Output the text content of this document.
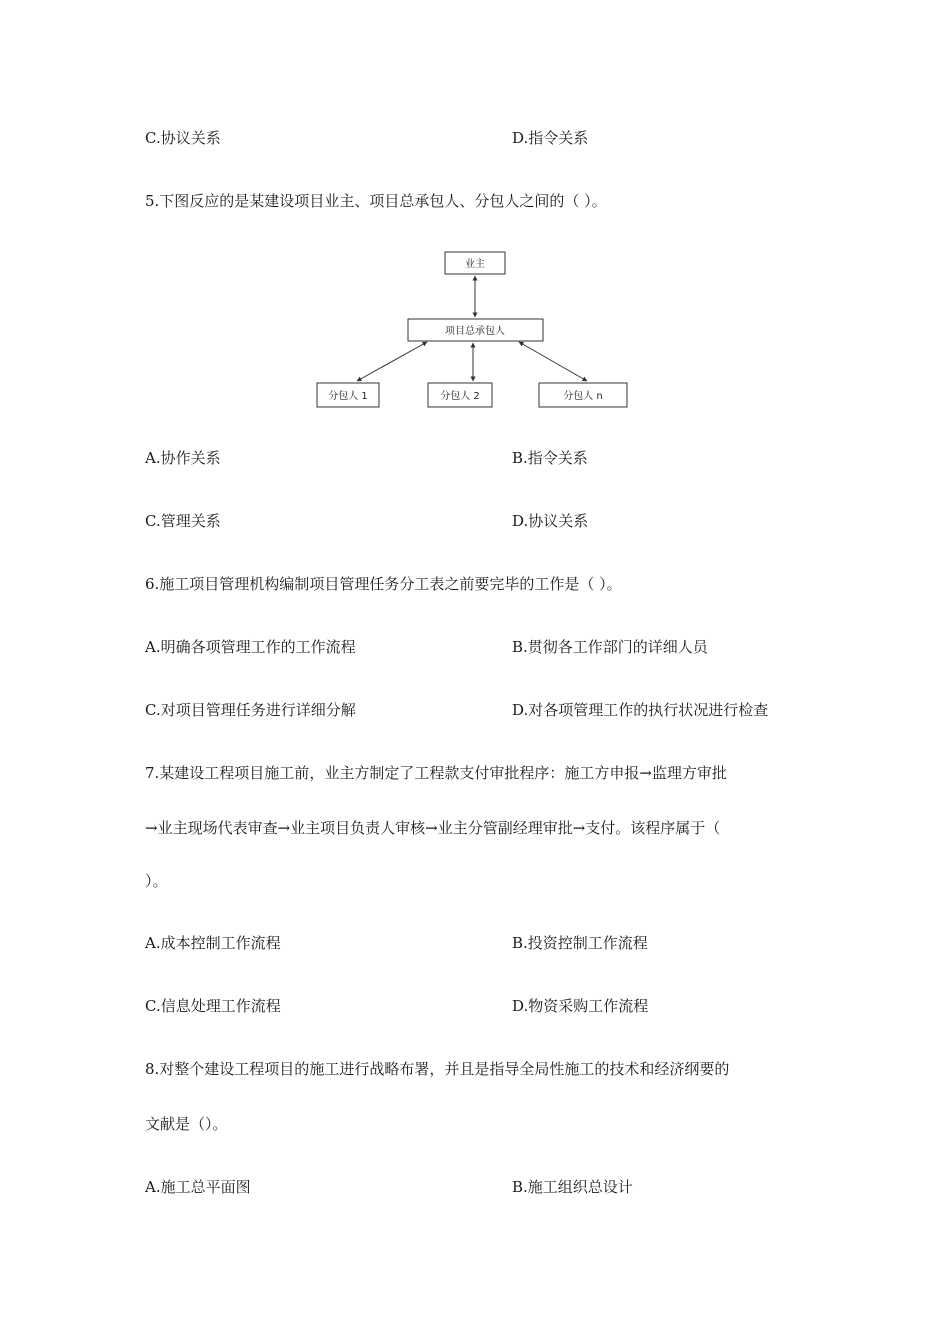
C.协议关系	D.指令关系
5.下图反应的是某建设项目业主、项目总承包人、分包人之间的（ ）。
业主
项目总承包人
分包人 1	分包人 2	分包人 n
A.协作关系	B.指令关系
C.管理关系	D.协议关系
6.施工项目管理机构编制项目管理任务分工表之前要完毕的工作是（ ）。
A.明确各项管理工作的工作流程	B.贯彻各工作部门的详细人员
C.对项目管理任务进行详细分解	D.对各项管理工作的执行状况进行检查
7.某建设工程项目施工前，业主方制定了工程款支付审批程序：施工方申报→监理方审批
→业主现场代表审查→业主项目负责人审核→业主分管副经理审批→支付。该程序属于（
）。
A.成本控制工作流程	B.投资控制工作流程
C.信息处理工作流程	D.物资采购工作流程
8.对整个建设工程项目的施工进行战略布署，并且是指导全局性施工的技术和经济纲要的
文献是（）。
A.施工总平面图	B.施工组织总设计
